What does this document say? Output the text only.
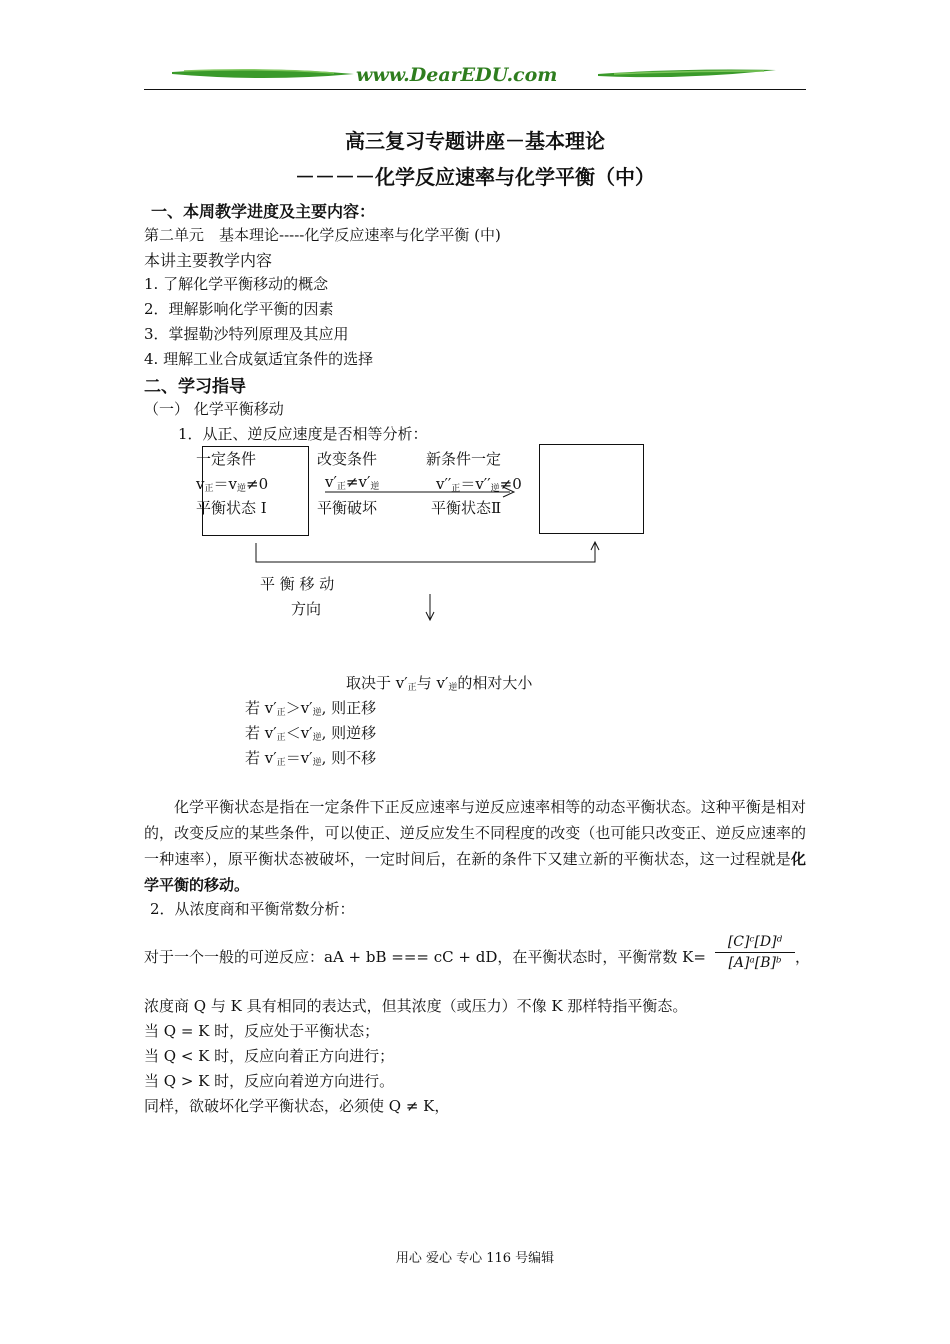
www.DearEDU.com
高三复习专题讲座－基本理论
－－－－化学反应速率与化学平衡（中）
一、本周教学进度及主要内容：
第二单元　基本理论-----化学反应速率与化学平衡 (中)
本讲主要教学内容
1. 了解化学平衡移动的概念
2．理解影响化学平衡的因素
3．掌握勒沙特列原理及其应用
4. 理解工业合成氨适宜条件的选择
二、学习指导
（一） 化学平衡移动
1．从正、逆反应速度是否相等分析：
一定条件	改变条件	新条件一定
$v_正=v_逆\ne 0$	$v'_正\ne v'_逆$	$v''_正=v''_逆\ne 0$
平衡状态 I	平衡破坏	平衡状态Ⅱ
平 衡 移 动
方向
取决于 $v'_正$与 $v'_逆$的相对大小
若 $v'_正>v'_逆$, 则正移
若 $v'_正<v'_逆$, 则逆移
若 $v'_正=v'_逆$, 则不移
化学平衡状态是指在一定条件下正反应速率与逆反应速率相等的动态平衡状态。这种平衡是相对的，改变反应的某些条件，可以使正、逆反应发生不同程度的改变（也可能只改变正、逆反应速率的一种速率），原平衡状态被破坏，一定时间后，在新的条件下又建立新的平衡状态，这一过程就是化学平衡的移动。
2．从浓度商和平衡常数分析：
对于一个一般的可逆反应：aA + bB === cC + dD，在平衡状态时，平衡常数 K=
[C]ᶜ[D]ᵈ
[A]ᵃ[B]ᵇ ，
浓度商 Q 与 K 具有相同的表达式，但其浓度（或压力）不像 K 那样特指平衡态。
当 Q = K 时，反应处于平衡状态；
当 Q < K 时，反应向着正方向进行；
当 Q > K 时，反应向着逆方向进行。
同样，欲破坏化学平衡状态，必须使 Q ≠ K，
用心 爱心 专心 116 号编辑
